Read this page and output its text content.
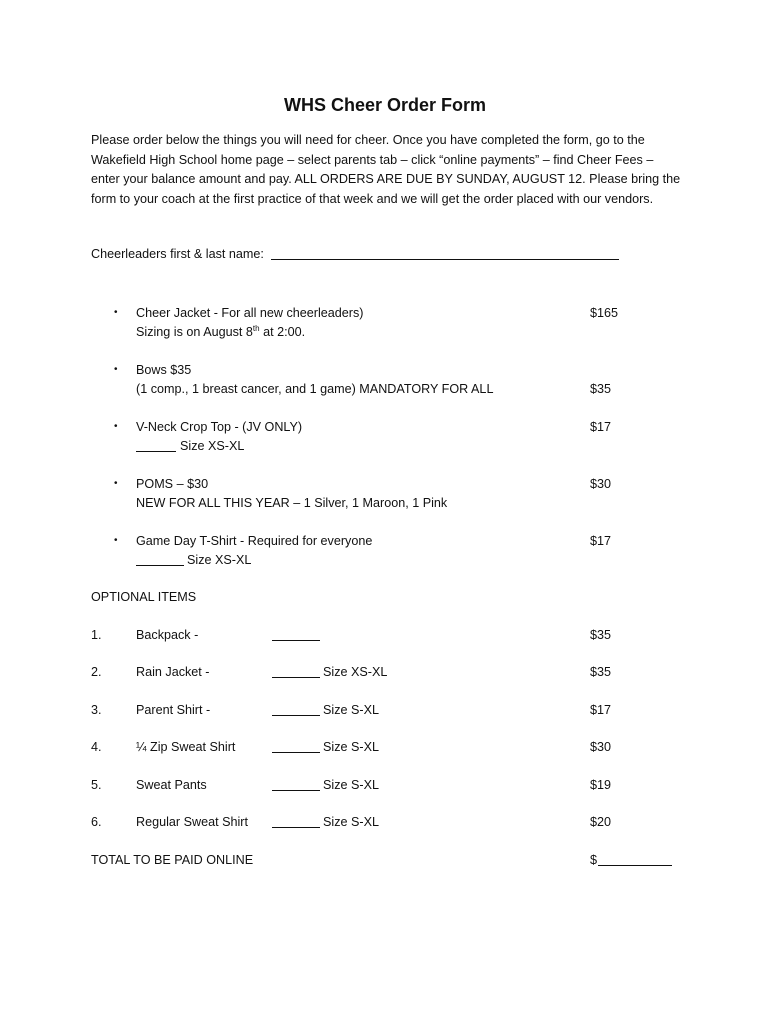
WHS Cheer Order Form
Please order below the things you will need for cheer. Once you have completed the form, go to the
Wakefield High School home page – select parents tab – click “online payments” – find Cheer Fees –
enter your balance amount and pay. ALL ORDERS ARE DUE BY SUNDAY, AUGUST 12. Please bring the
form to your coach at the first practice of that week and we will get the order placed with our vendors.
Cheerleaders first & last name:
• Cheer Jacket - For all new cheerleaders)
Sizing is on August 8th at 2:00.
$165
• Bows $35
(1 comp., 1 breast cancer, and 1 game) MANDATORY FOR ALL	$35
• V-Neck Crop Top - (JV ONLY)
Size XS-XL
$17
• POMS – $30
NEW FOR ALL THIS YEAR – 1 Silver, 1 Maroon, 1 Pink
$30
• Game Day T-Shirt - Required for everyone
Size XS-XL
$17
OPTIONAL ITEMS
1.	Backpack -	$35
2.	Rain Jacket -	Size XS-XL	$35
3.	Parent Shirt -	Size S-XL	$17
4.	¼ Zip Sweat Shirt	Size S-XL	$30
5.	Sweat Pants	Size S-XL	$19
6.	Regular Sweat Shirt	Size S-XL	$20
TOTAL TO BE PAID ONLINE	$
